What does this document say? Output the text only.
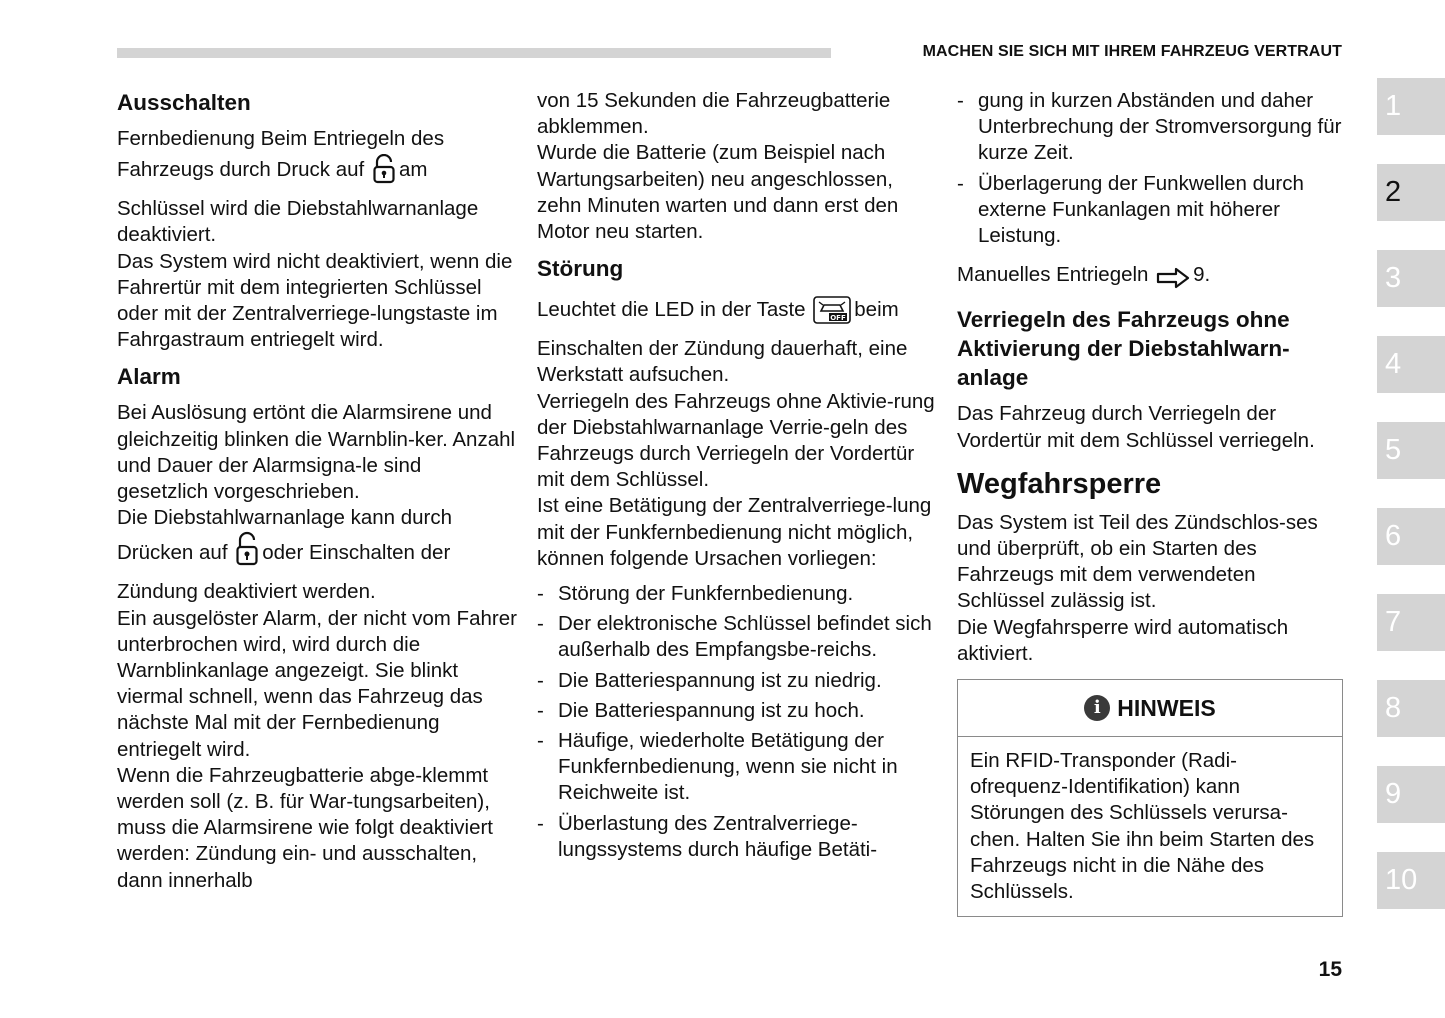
MACHEN SIE SICH MIT IHREM FAHRZEUG VERTRAUT
Ausschalten

Fernbedienung Beim Entriegeln des
Fahrzeugs durch Druck auf am
Schlüssel wird die Diebstahlwarnanlage deaktiviert.

Das System wird nicht deaktiviert, wenn die Fahrertür mit dem integrierten Schlüssel oder mit der Zentralverriege-lungstaste im Fahrgastraum entriegelt wird.

Alarm

Bei Auslösung ertönt die Alarmsirene und gleichzeitig blinken die Warnblin-ker. Anzahl und Dauer der Alarmsigna-le sind gesetzlich vorgeschrieben.

Die Diebstahlwarnanlage kann durch
Drücken auf oder Einschalten der
Zündung deaktiviert werden.

Ein ausgelöster Alarm, der nicht vom Fahrer unterbrochen wird, wird durch die Warnblinkanlage angezeigt. Sie blinkt viermal schnell, wenn das Fahrzeug das nächste Mal mit der Fernbedienung entriegelt wird.

Wenn die Fahrzeugbatterie abge-klemmt werden soll (z. B. für War-tungsarbeiten), muss die Alarmsirene wie folgt deaktiviert werden: Zündung ein- und ausschalten, dann innerhalb

von 15 Sekunden die Fahrzeugbatterie abklemmen.

Wurde die Batterie (zum Beispiel nach Wartungsarbeiten) neu angeschlossen, zehn Minuten warten und dann erst den Motor neu starten.

Störung

Leuchtet die LED in der Taste	OFF beim
Einschalten der Zündung dauerhaft, eine Werkstatt aufsuchen.

Verriegeln des Fahrzeugs ohne Aktivie-rung der Diebstahlwarnanlage Verrie-geln des Fahrzeugs durch Verriegeln der Vordertür mit dem Schlüssel.

Ist eine Betätigung der Zentralverriege-lung mit der Funkfernbedienung nicht möglich, können folgende Ursachen vorliegen:

- Störung der Funkfernbedienung.
- Der elektronische Schlüssel befindet sich außerhalb des Empfangsbe-reichs.
- Die Batteriespannung ist zu niedrig.
- Die Batteriespannung ist zu hoch.
- Häufige, wiederholte Betätigung der Funkfernbedienung, wenn sie nicht in Reichweite ist.
- Überlastung des Zentralverriege-lungssystems durch häufige Betäti-
- gung in kurzen Abständen und daher Unterbrechung der Stromversorgung für kurze Zeit.
- Überlagerung der Funkwellen durch externe Funkanlagen mit höherer Leistung.

Manuelles Entriegeln 9.

Verriegeln des Fahrzeugs ohne Aktivierung der Diebstahlwarn-anlage

Das Fahrzeug durch Verriegeln der Vordertür mit dem Schlüssel verriegeln.

Wegfahrsperre

Das System ist Teil des Zündschlos-ses und überprüft, ob ein Starten des Fahrzeugs mit dem verwendeten Schlüssel zulässig ist.

Die Wegfahrsperre wird automatisch aktiviert.

i HINWEIS
Ein RFID-Transponder (Radi-ofrequenz-Identifikation) kann Störungen des Schlüssels verursa-chen. Halten Sie ihn beim Starten des Fahrzeugs nicht in die Nähe des Schlüssels.
1
2
3
4
5
6
7
8
9
10
15
